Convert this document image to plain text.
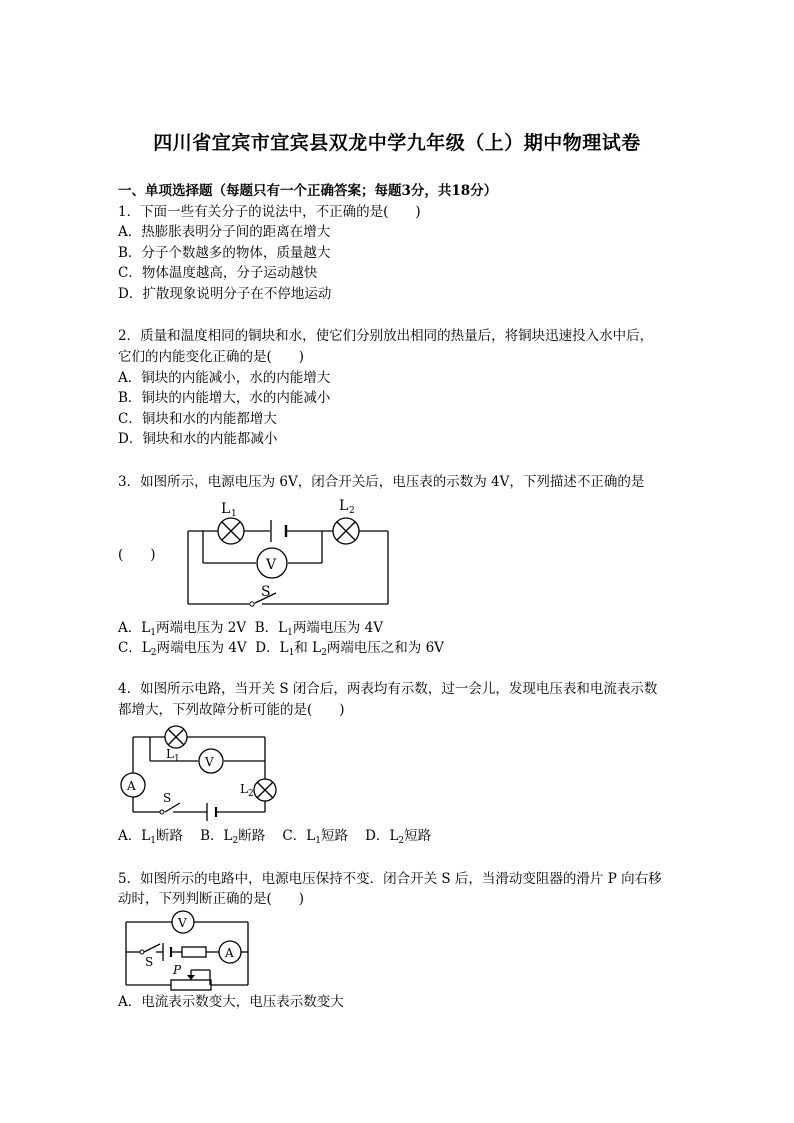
四川省宜宾市宜宾县双龙中学九年级（上）期中物理试卷
一、单项选择题（每题只有一个正确答案；每题3分，共18分）
1．下面一些有关分子的说法中，不正确的是(　　)
A．热膨胀表明分子间的距离在增大
B．分子个数越多的物体，质量越大
C．物体温度越高，分子运动越快
D．扩散现象说明分子在不停地运动
2．质量和温度相同的铜块和水，使它们分别放出相同的热量后，将铜块迅速投入水中后，
它们的内能变化正确的是(　　)
A．铜块的内能减小，水的内能增大
B．铜块的内能增大，水的内能减小
C．铜块和水的内能都增大
D．铜块和水的内能都减小
3．如图所示，电源电压为 6V，闭合开关后，电压表的示数为 4V，下列描述不正确的是
(　　)
L 1	L 2
V
S
A．$L_1$两端电压为 2V B．$L_1$两端电压为 4V
C．$L_2$两端电压为 4V D．$L_1$和 $L_2$两端电压之和为 6V
4．如图所示电路，当开关 S 闭合后，两表均有示数，过一会儿，发现电压表和电流表示数
都增大，下列故障分析可能的是(　　)
V
A
L 1
L 2
S
A．$L_1$断路 B．$L_2$断路 C．$L_1$短路 D．$L_2$短路
5．如图所示的电路中，电源电压保持不变．闭合开关 S 后，当滑动变阻器的滑片 P 向右移
动时，下列判断正确的是(　　)
V
A
S
P
A．电流表示数变大，电压表示数变大
